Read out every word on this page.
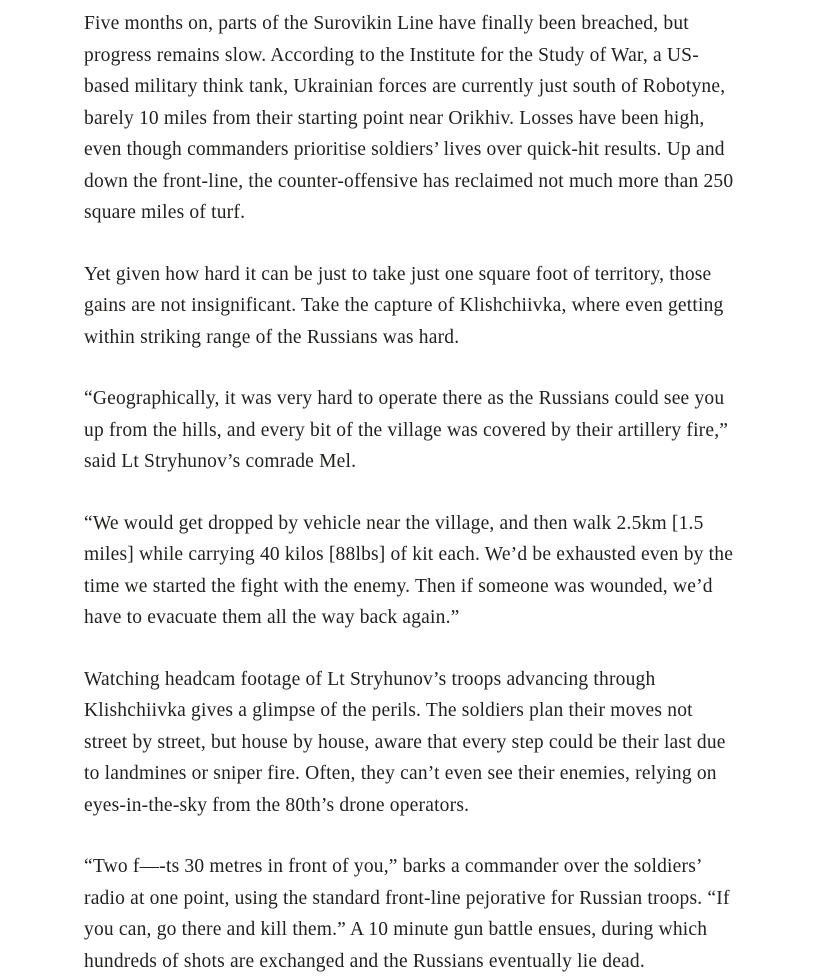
Five months on, parts of the Surovikin Line have finally been breached, but progress remains slow. According to the Institute for the Study of War, a US-based military think tank, Ukrainian forces are currently just south of Robotyne, barely 10 miles from their starting point near Orikhiv. Losses have been high, even though commanders prioritise soldiers’ lives over quick-hit results. Up and down the front-line, the counter-offensive has reclaimed not much more than 250 square miles of turf.

Yet given how hard it can be just to take just one square foot of territory, those gains are not insignificant. Take the capture of Klishchiivka, where even getting within striking range of the Russians was hard.

“Geographically, it was very hard to operate there as the Russians could see you up from the hills, and every bit of the village was covered by their artillery fire,” said Lt Stryhunov’s comrade Mel.

“We would get dropped by vehicle near the village, and then walk 2.5km [1.5 miles] while carrying 40 kilos [88lbs] of kit each. We’d be exhausted even by the time we started the fight with the enemy. Then if someone was wounded, we’d have to evacuate them all the way back again.”

Watching headcam footage of Lt Stryhunov’s troops advancing through Klishchiivka gives a glimpse of the perils. The soldiers plan their moves not street by street, but house by house, aware that every step could be their last due to landmines or sniper fire. Often, they can’t even see their enemies, relying on eyes-in-the-sky from the 80th’s drone operators.

“Two f—-ts 30 metres in front of you,” barks a commander over the soldiers’ radio at one point, using the standard front-line pejorative for Russian troops. “If you can, go there and kill them.” A 10 minute gun battle ensues, during which hundreds of shots are exchanged and the Russians eventually lie dead.
